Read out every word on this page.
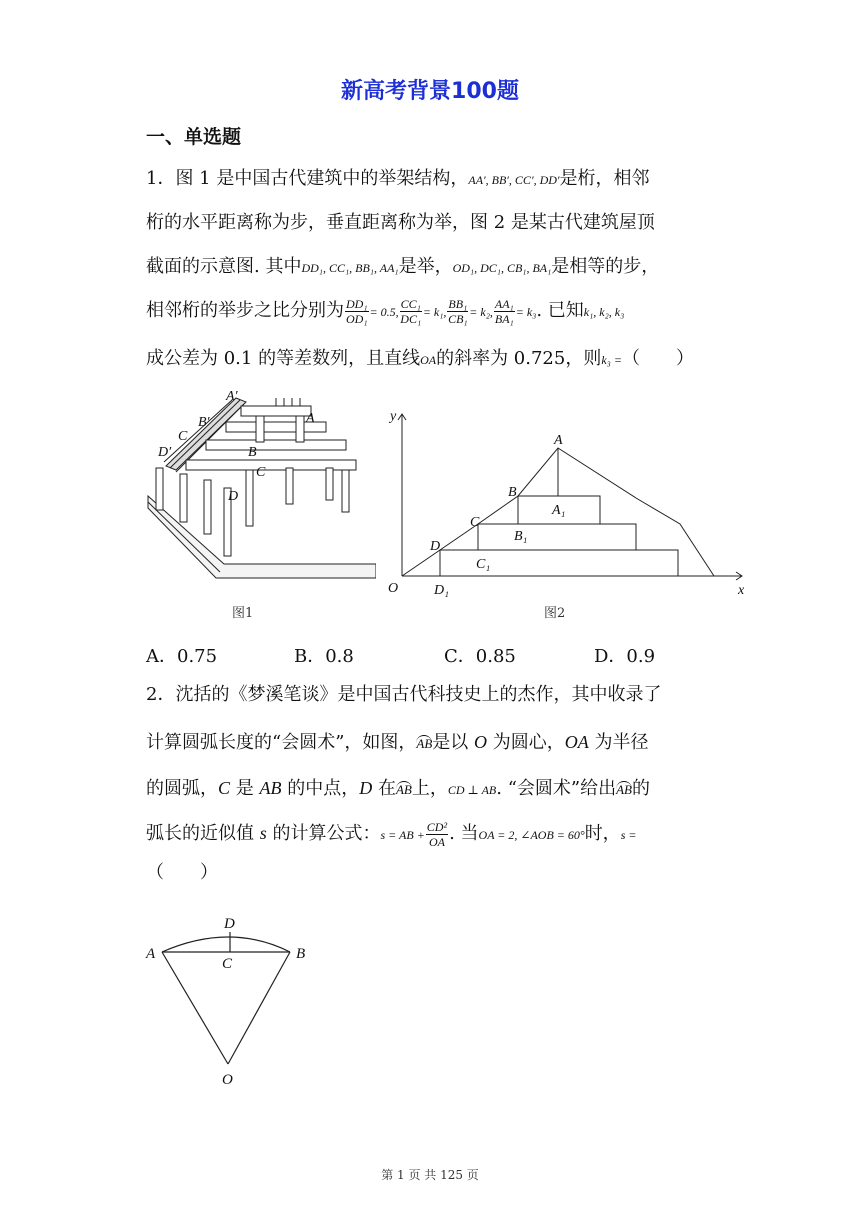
新高考背景100题
一、单选题
1．图 1 是中国古代建筑中的举架结构，AA′, BB′, CC′, DD′是桁，相邻
桁的水平距离称为步，垂直距离称为举，图 2 是某古代建筑屋顶
截面的示意图. 其中DD₁, CC₁, BB₁, AA₁是举，OD₁, DC₁, CB₁, BA₁是相等的步，
相邻桁的举步之比分别为 $\frac{\text{DD₁}}{\text{OD₁}} = 0.5$, $\frac{\text{CC₁}}{\text{DC₁}} = k_1$, $\frac{\text{BB₁}}{\text{CB₁}} = k_2$, $\frac{\text{AA₁}}{\text{BA₁}} = k_3$. 已知k₁, k₂, k₃
成公差为 0.1 的等差数列，且直线OA的斜率为 0.725，则k₃ =（　　）
A′
A
B′
C
D′	B
C
D
图1
y
x
O
A
B
C
D
A₁
B₁
C₁
D₁
图2
A．0.75	B．0.8	C．0.85	D．0.9
2．沈括的《梦溪笔谈》是中国古代科技史上的杰作，其中收录了
计算圆弧长度的“会圆术”，如图，AB是以 O 为圆心，OA 为半径
的圆弧，C 是 AB 的中点，D 在AB上，CD ⊥ AB. “会圆术”给出AB的
弧长的近似值 s 的计算公式：s = AB + $\frac{\text{CD²}}{OA}$ . 当OA = 2, ∠AOB = 60°时，s =
（　　）
D
A
C
B
O
第 1 页 共 125 页
